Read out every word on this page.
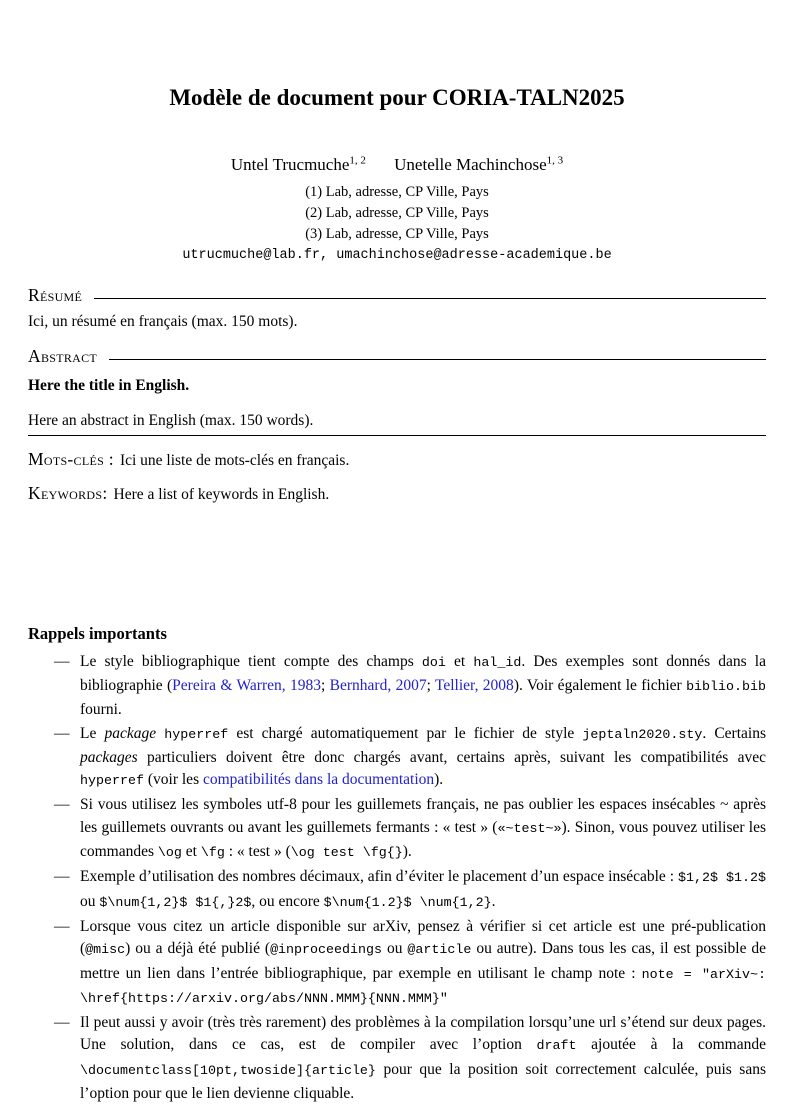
Modèle de document pour CORIA-TALN2025
Untel Trucmuche$^{1, 2}$ Unetelle Machinchose$^{1, 3}$
(1) Lab, adresse, CP Ville, Pays
(2) Lab, adresse, CP Ville, Pays
(3) Lab, adresse, CP Ville, Pays
utrucmuche@lab.fr, umachinchose@adresse-academique.be
Résumé

Ici, un résumé en français (max. 150 mots).

Abstract

Here the title in English.

Here an abstract in English (max. 150 words).

Mots-clés : Ici une liste de mots-clés en français.

Keywords: Here a list of keywords in English.

Rappels importants
— Le style bibliographique tient compte des champs doi et hal_id. Des exemples sont donnés dans la bibliographie (Pereira & Warren, 1983; Bernhard, 2007; Tellier, 2008). Voir également le fichier biblio.bib fourni.
— Le package hyperref est chargé automatiquement par le fichier de style jeptaln2020.sty. Certains packages particuliers doivent être donc chargés avant, certains après, suivant les compatibilités avec hyperref (voir les compatibilités dans la documentation).
— Si vous utilisez les symboles utf-8 pour les guillemets français, ne pas oublier les espaces insécables ~ après les guillemets ouvrants ou avant les guillemets fermants : « test » («~test~»). Sinon, vous pouvez utiliser les commandes \og et \fg : « test » (\og test \fg{}).
— Exemple d’utilisation des nombres décimaux, afin d’éviter le placement d’un espace insécable : $1,2$ $1.2$ ou $\num{1,2}$ $1{,}2$, ou encore $\num{1.2}$ \num{1,2}.
— Lorsque vous citez un article disponible sur arXiv, pensez à vérifier si cet article est une pré-publication (@misc) ou a déjà été publié (@inproceedings ou @article ou autre). Dans tous les cas, il est possible de mettre un lien dans l’entrée bibliographique, par exemple en utilisant le champ note : note = "arXiv~: \href{https://arxiv.org/abs/NNN.MMM}{NNN.MMM}"
— Il peut aussi y avoir (très très rarement) des problèmes à la compilation lorsqu’une url s’étend sur deux pages. Une solution, dans ce cas, est de compiler avec l’option draft ajoutée à la commande \documentclass[10pt,twoside]{article} pour que la position soit correctement calculée, puis sans l’option pour que le lien devienne cliquable.
